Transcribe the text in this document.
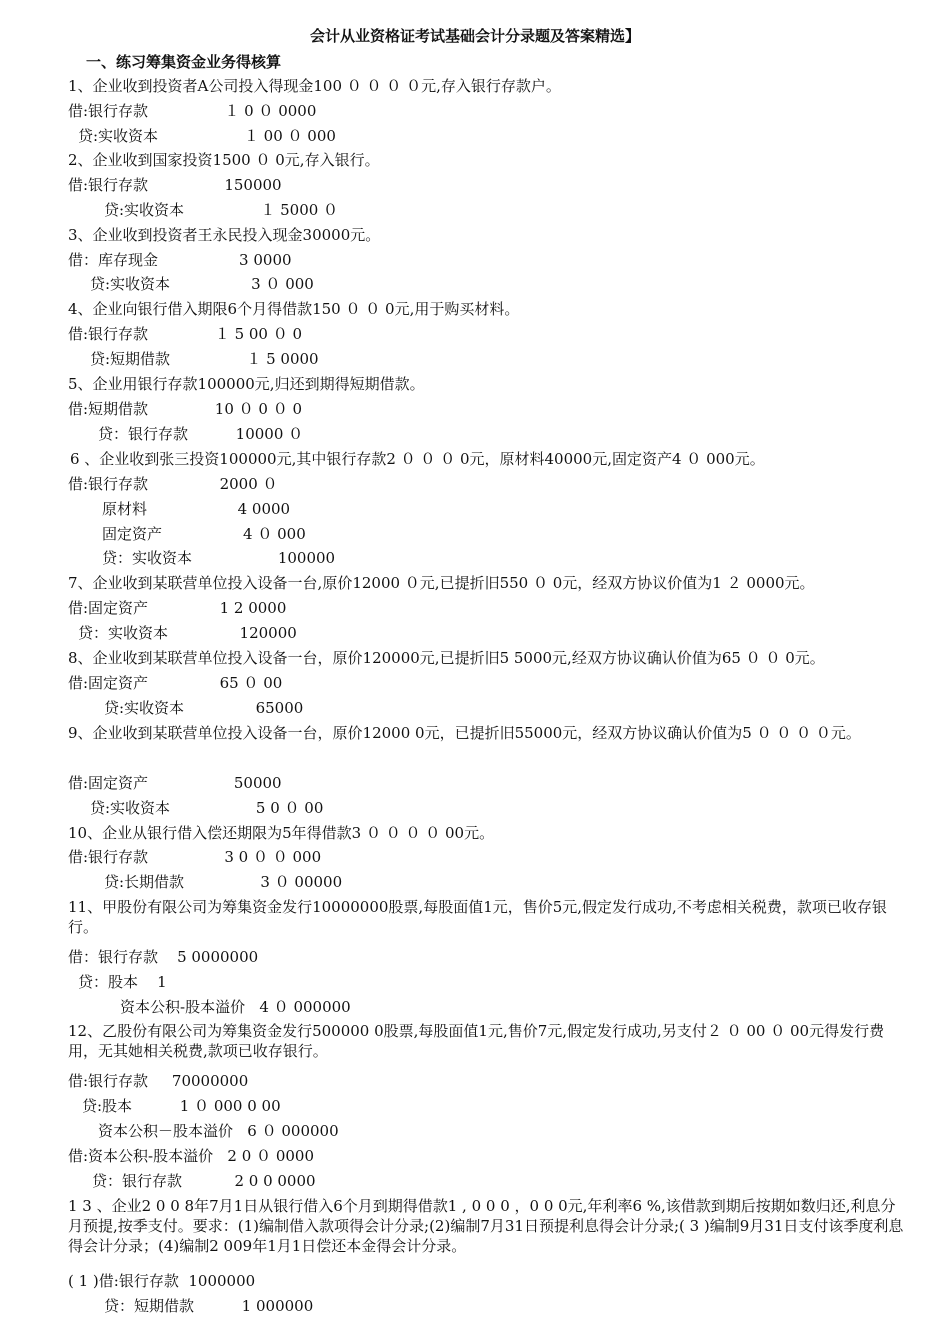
会计从业资格证考试基础会计分录题及答案精选】
一、练习筹集资金业务得核算
1、企业收到投资者A公司投入得现金100 ０ ０ ０ ０元,存入银行存款户。
借:银行存款                １ 0 ０ 0000
贷:实收资本                  １ 00 ０ 000
2、企业收到国家投资1500 ０ 0元,存入银行。
借:银行存款                150000
贷:实收资本                １ 5000 ０
3、企业收到投资者王永民投入现金30000元。
借：库存现金                 3 0000
贷:实收资本                 3 ０ 000
4、企业向银行借入期限6个月得借款150 ０ ０ 0元,用于购买材料。
借:银行存款              １ 5 00 ０ 0
贷:短期借款                １ 5 0000
5、企业用银行存款100000元,归还到期得短期借款。
借:短期借款              10 ０ 0 ０ 0
贷：银行存款          10000 ０
6 、企业收到张三投资100000元,其中银行存款2 ０ ０ ０ 0元，原材料40000元,固定资产4 ０ 000元。
借:银行存款               2000 ０
原材料                   4 0000
固定资产                 4 ０ 000
贷：实收资本                  100000
7、企业收到某联营单位投入设备一台,原价12000 ０元,已提折旧550 ０ 0元，经双方协议价值为1 ２ 0000元。
借:固定资产               1 2 0000
贷：实收资本               120000
8、企业收到某联营单位投入设备一台，原价120000元,已提折旧5 5000元,经双方协议确认价值为65 ０ ０ 0元。
借:固定资产               65 ０ 00
贷:实收资本               65000
9、企业收到某联营单位投入设备一台，原价12000 0元，已提折旧55000元，经双方协议确认价值为5 ０ ０ ０ ０元。
借:固定资产                  50000
贷:实收资本                  5 0 ０ 00
10、企业从银行借入偿还期限为5年得借款3 ０ ０ ０ ０ 00元。
借:银行存款                3 0 ０ ０ 000
贷:长期借款                3 ０ 00000
11、甲股份有限公司为筹集资金发行10000000股票,每股面值1元，售价5元,假定发行成功,不考虑相关税费，款项已收存银行。
借：银行存款    5 0000000
贷：股本    1
资本公积-股本溢价   4 ０ 000000
12、乙股份有限公司为筹集资金发行500000 0股票,每股面值1元,售价7元,假定发行成功,另支付２ ０ 00 ０ 00元得发行费用，无其她相关税费,款项已收存银行。
借:银行存款     70000000
贷:股本          1 ０ 000 0 00
资本公积－股本溢价   6 ０ 000000
借:资本公积-股本溢价   2 0 ０ 0000
贷：银行存款           2 0 0 0000
1 3 、企业2 0 0 8年7月1日从银行借入6个月到期得借款1 , 0 0 0 ，0 0 0元,年利率6 %,该借款到期后按期如数归还,利息分月预提,按季支付。要求：(1)编制借入款项得会计分录;(2)编制7月31日预提利息得会计分录;( 3 )编制9月31日支付该季度利息得会计分录；(4)编制2 009年1月1日偿还本金得会计分录。
( 1 )借:银行存款  1000000
贷：短期借款          1 000000
